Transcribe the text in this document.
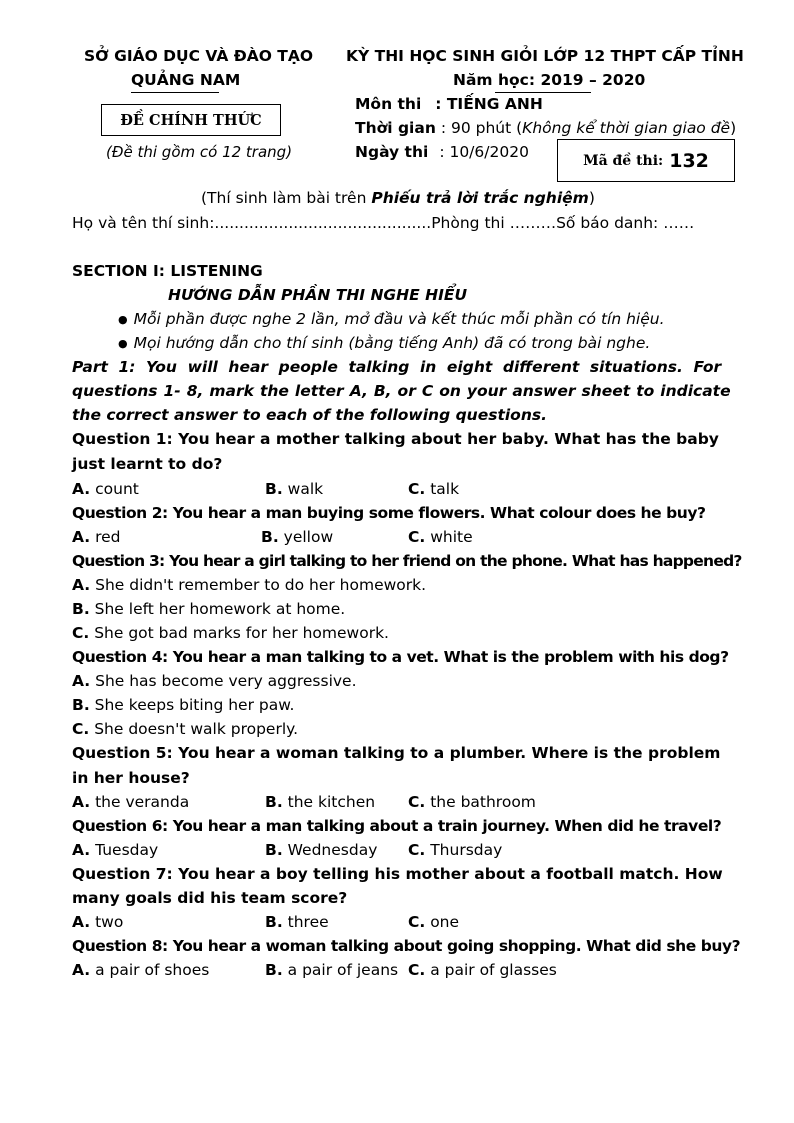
SỞ GIÁO DỤC VÀ ĐÀO TẠO
QUẢNG NAM
KỲ THI HỌC SINH GIỎI LỚP 12 THPT CẤP TỈNH
Năm học: 2019 – 2020
ĐỀ CHÍNH THỨC
(Đề thi gồm có 12 trang)
Môn thi : TIẾNG ANH
Thời gian : 90 phút (Không kể thời gian giao đề)
Ngày thi : 10/6/2020	Mã đề thi: 132
(Thí sinh làm bài trên Phiếu trả lời trắc nghiệm)
Họ và tên thí sinh:............................................Phòng thi ………Số báo danh: ……
SECTION I: LISTENING
HƯỚNG DẪN PHẦN THI NGHE HIỂU
● Mỗi phần được nghe 2 lần, mở đầu và kết thúc mỗi phần có tín hiệu.
● Mọi hướng dẫn cho thí sinh (bằng tiếng Anh) đã có trong bài nghe.
Part 1: You will hear people talking in eight different situations. For
questions 1- 8, mark the letter A, B, or C on your answer sheet to indicate
the correct answer to each of the following questions.
Question 1: You hear a mother talking about her baby. What has the baby
just learnt to do?
A. count	B. walk	C. talk
Question 2: You hear a man buying some flowers. What colour does he buy?
A. red	B. yellow	C. white
Question 3: You hear a girl talking to her friend on the phone. What has happened?
A. She didn't remember to do her homework.
B. She left her homework at home.
C. She got bad marks for her homework.
Question 4: You hear a man talking to a vet. What is the problem with his dog?
A. She has become very aggressive.
B. She keeps biting her paw.
C. She doesn't walk properly.
Question 5: You hear a woman talking to a plumber. Where is the problem
in her house?
A. the veranda	B. the kitchen C. the bathroom
Question 6: You hear a man talking about a train journey. When did he travel?
A. Tuesday	B. Wednesday C. Thursday
Question 7: You hear a boy telling his mother about a football match. How
many goals did his team score?
A. two	B. three	C. one
Question 8: You hear a woman talking about going shopping. What did she buy?
A. a pair of shoes	B. a pair of jeans C. a pair of glasses
